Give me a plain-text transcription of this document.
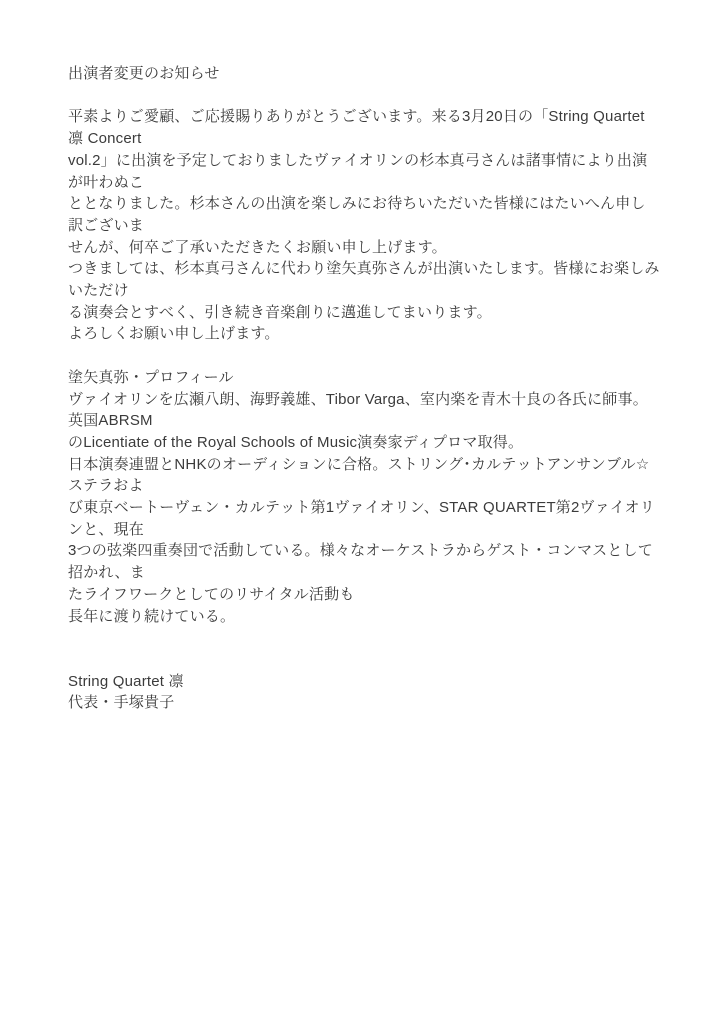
出演者変更のお知らせ
平素よりご愛顧、ご応援賜りありがとうございます。来る3月20日の「String Quartet 凛 Concert
vol.2」に出演を予定しておりましたヴァイオリンの杉本真弓さんは諸事情により出演が叶わぬこ
ととなりました。杉本さんの出演を楽しみにお待ちいただいた皆様にはたいへん申し訳ございま
せんが、何卒ご了承いただきたくお願い申し上げます。
つきましては、杉本真弓さんに代わり塗矢真弥さんが出演いたします。皆様にお楽しみいただけ
る演奏会とすべく、引き続き音楽創りに邁進してまいります。
よろしくお願い申し上げます。
塗矢真弥・プロフィール
ヴァイオリンを広瀬八朗、海野義雄、Tibor Varga、室内楽を青木十良の各氏に師事。英国ABRSM
のLicentiate of the Royal Schools of Music演奏家ディプロマ取得。
日本演奏連盟とNHKのオーディションに合格。ストリング･カルテットアンサンブル☆ステラおよ
び東京ベートーヴェン・カルテット第1ヴァイオリン、STAR QUARTET第2ヴァイオリンと、現在
3つの弦楽四重奏団で活動している。様々なオーケストラからゲスト・コンマスとして招かれ、ま
たライフワークとしてのリサイタル活動も
長年に渡り続けている。
String Quartet 凛
代表・手塚貴子
